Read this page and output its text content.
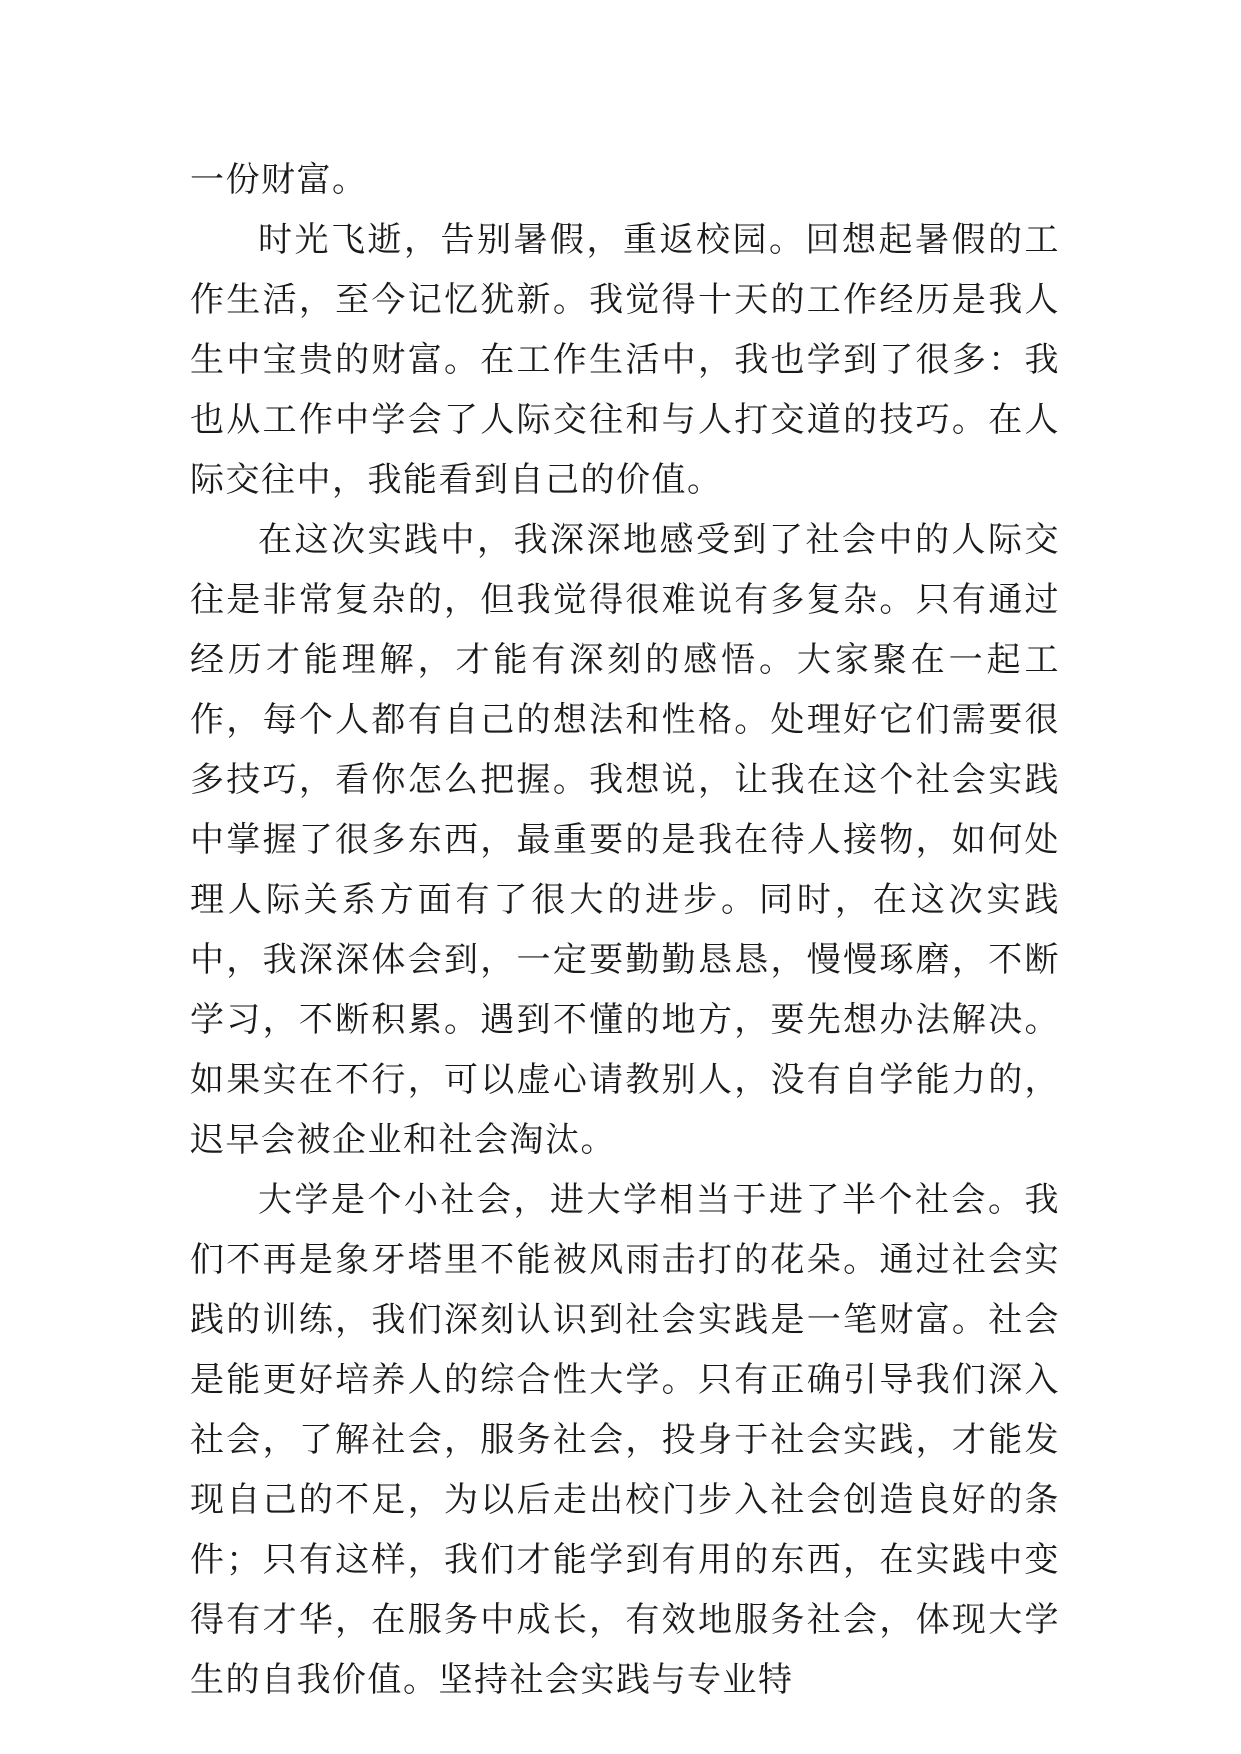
一份财富。

时光飞逝，告别暑假，重返校园。回想起暑假的工作生活，至今记忆犹新。我觉得十天的工作经历是我人生中宝贵的财富。在工作生活中，我也学到了很多：我也从工作中学会了人际交往和与人打交道的技巧。在人际交往中，我能看到自己的价值。

在这次实践中，我深深地感受到了社会中的人际交往是非常复杂的，但我觉得很难说有多复杂。只有通过经历才能理解，才能有深刻的感悟。大家聚在一起工作，每个人都有自己的想法和性格。处理好它们需要很多技巧，看你怎么把握。我想说，让我在这个社会实践中掌握了很多东西，最重要的是我在待人接物，如何处理人际关系方面有了很大的进步。同时，在这次实践中，我深深体会到，一定要勤勤恳恳，慢慢琢磨，不断学习，不断积累。遇到不懂的地方，要先想办法解决。如果实在不行，可以虚心请教别人，没有自学能力的，迟早会被企业和社会淘汰。

大学是个小社会，进大学相当于进了半个社会。我们不再是象牙塔里不能被风雨击打的花朵。通过社会实践的训练，我们深刻认识到社会实践是一笔财富。社会是能更好培养人的综合性大学。只有正确引导我们深入社会，了解社会，服务社会，投身于社会实践，才能发现自己的不足，为以后走出校门步入社会创造良好的条件；只有这样，我们才能学到有用的东西，在实践中变得有才华，在服务中成长，有效地服务社会，体现大学生的自我价值。坚持社会实践与专业特
